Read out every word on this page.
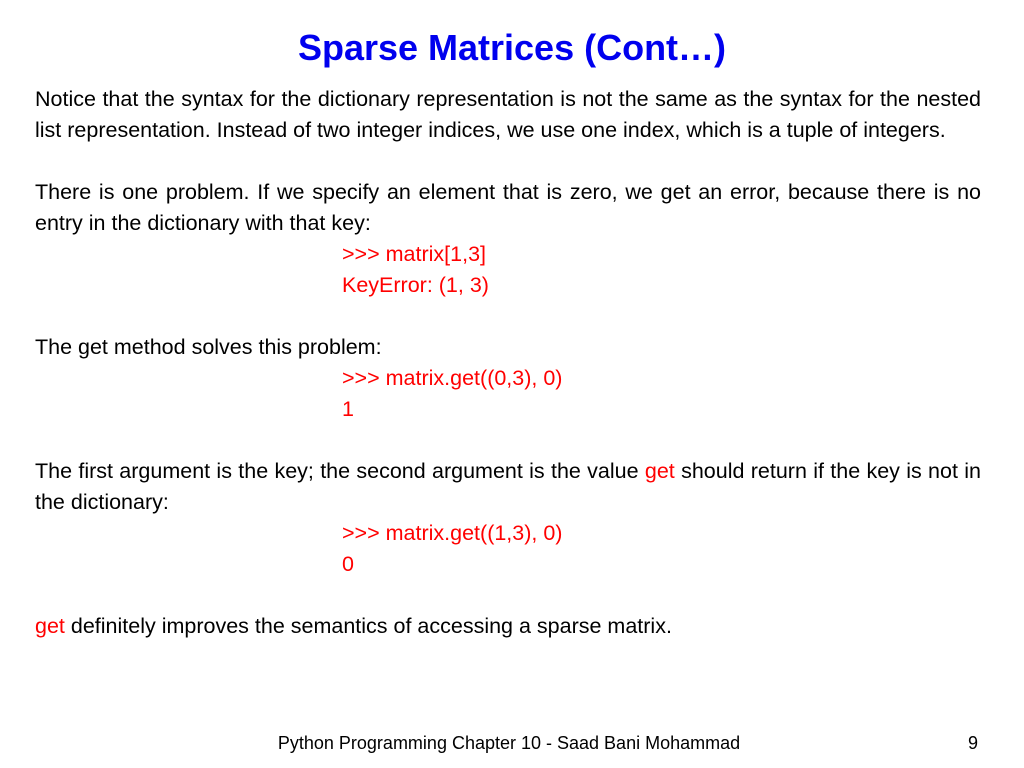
Sparse Matrices (Cont…)

Notice that the syntax for the dictionary representation is not the same as the syntax for the nested list representation. Instead of two integer indices, we use one index, which is a tuple of integers.

There is one problem. If we specify an element that is zero, we get an error, because there is no entry in the dictionary with that key:

>>> matrix[1,3]

KeyError: (1, 3)

The get method solves this problem:

>>> matrix.get((0,3), 0)

1

The first argument is the key; the second argument is the value get should return if the key is not in the dictionary:

>>> matrix.get((1,3), 0)

0

get definitely improves the semantics of accessing a sparse matrix.

Python Programming Chapter 10 - Saad Bani Mohammad	9
